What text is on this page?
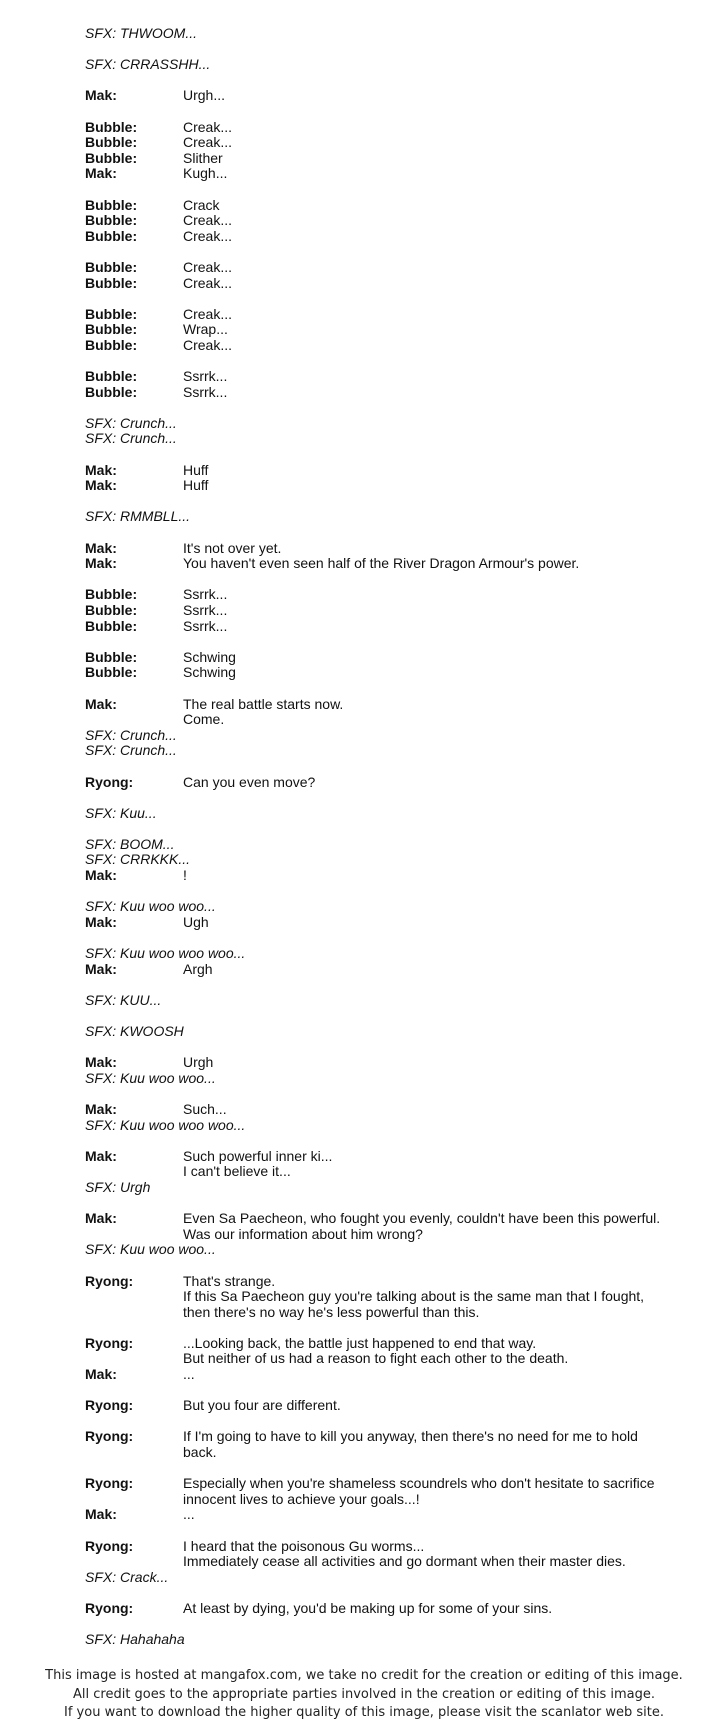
SFX: THWOOM...
SFX: CRRASSHH...
Mak:	Urgh...
Bubble:	Creak...
Bubble:	Creak...
Bubble:	Slither
Mak:	Kugh...
Bubble:	Crack
Bubble:	Creak...
Bubble:	Creak...
Bubble:	Creak...
Bubble:	Creak...
Bubble:	Creak...
Bubble:	Wrap...
Bubble:	Creak...
Bubble:	Ssrrk...
Bubble:	Ssrrk...
SFX: Crunch...
SFX: Crunch...
Mak:	Huff
Mak:	Huff
SFX: RMMBLL...
Mak:	It's not over yet.
Mak:	You haven't even seen half of the River Dragon Armour's power.
Bubble:	Ssrrk...
Bubble:	Ssrrk...
Bubble:	Ssrrk...
Bubble:	Schwing
Bubble:	Schwing
Mak:	The real battle starts now.
Come.
SFX: Crunch...
SFX: Crunch...
Ryong:	Can you even move?
SFX: Kuu...
SFX: BOOM...
SFX: CRRKKK...
Mak:	!
SFX: Kuu woo woo...
Mak:	Ugh
SFX: Kuu woo woo woo...
Mak:	Argh
SFX: KUU...
SFX: KWOOSH
Mak:	Urgh
SFX: Kuu woo woo...
Mak:	Such...
SFX: Kuu woo woo woo...
Mak:	Such powerful inner ki...
I can't believe it...
SFX: Urgh
Mak:	Even Sa Paecheon, who fought you evenly, couldn't have been this powerful.
Was our information about him wrong?
SFX: Kuu woo woo...
Ryong:	That's strange.
If this Sa Paecheon guy you're talking about is the same man that I fought,
then there's no way he's less powerful than this.
Ryong:	...Looking back, the battle just happened to end that way.
But neither of us had a reason to fight each other to the death.
Mak:	...
Ryong:	But you four are different.
Ryong:	If I'm going to have to kill you anyway, then there's no need for me to hold
back.
Ryong:	Especially when you're shameless scoundrels who don't hesitate to sacrifice
innocent lives to achieve your goals...!
Mak:	...
Ryong:	I heard that the poisonous Gu worms...
Immediately cease all activities and go dormant when their master dies.
SFX: Crack...
Ryong:	At least by dying, you'd be making up for some of your sins.
SFX: Hahahaha
This image is hosted at mangafox.com, we take no credit for the creation or editing of this image.
All credit goes to the appropriate parties involved in the creation or editing of this image.
If you want to download the higher quality of this image, please visit the scanlator web site.
